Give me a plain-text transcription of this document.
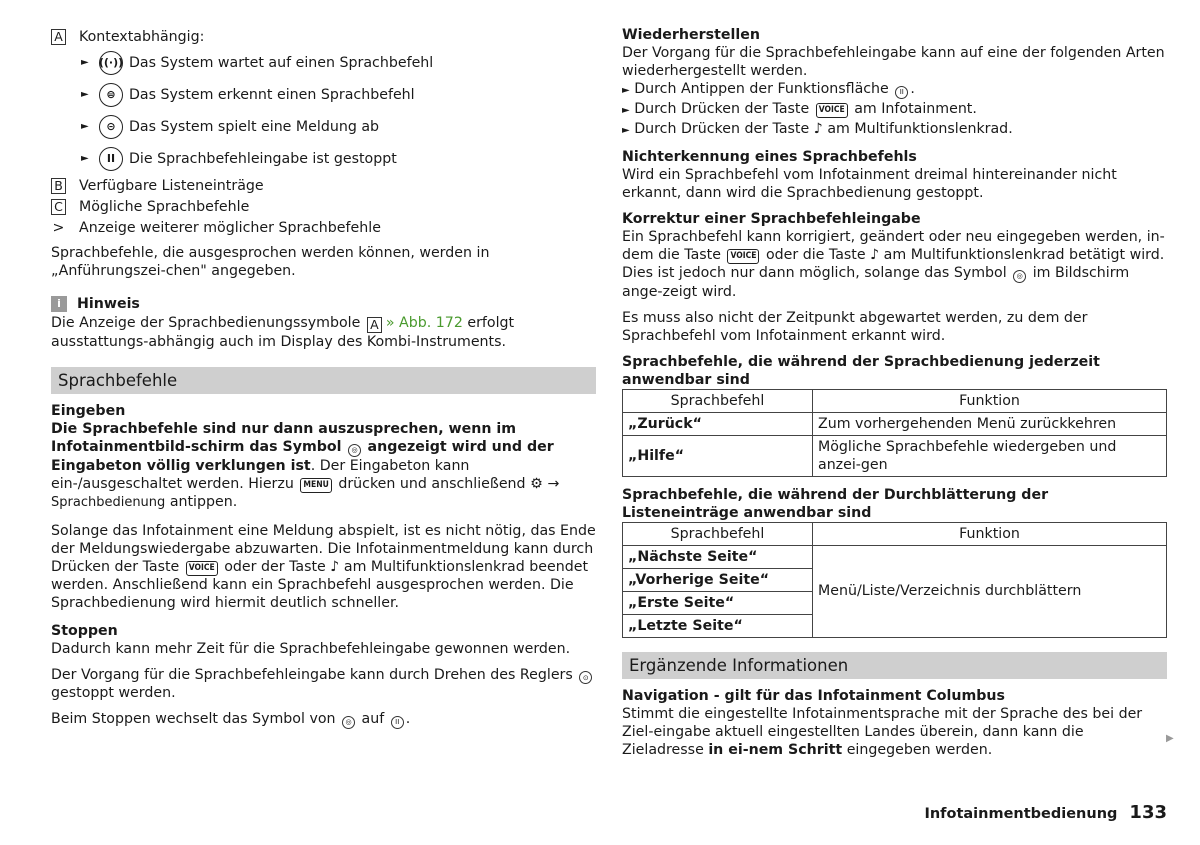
A Kontextabhängig:
► ((·)) Das System wartet auf einen Sprachbefehl
►	⊜ Das System erkennt einen Sprachbefehl
►	⊝ Das System spielt eine Meldung ab
►	II Die Sprachbefehleingabe ist gestoppt
B Verfügbare Listeneinträge
C Mögliche Sprachbefehle
> Anzeige weiterer möglicher Sprachbefehle

Sprachbefehle, die ausgesprochen werden können, werden in „Anführungszei-chen" angegeben.

i	Hinweis

Die Anzeige der Sprachbedienungssymbole A » Abb. 172 erfolgt ausstattungs-abhängig auch im Display des Kombi-Instruments.

Sprachbefehle

Eingeben

Die Sprachbefehle sind nur dann auszusprechen, wenn im Infotainmentbild-schirm das Symbol ◎ angezeigt wird und der Eingabeton völlig verklungen ist. Der Eingabeton kann ein-/ausgeschaltet werden. Hierzu MENU drücken und anschließend ⚙ → Sprachbedienung antippen.

Solange das Infotainment eine Meldung abspielt, ist es nicht nötig, das Ende der Meldungswiedergabe abzuwarten. Die Infotainmentmeldung kann durch Drücken der Taste VOICE oder der Taste ♪ am Multifunktionslenkrad beendet werden. Anschließend kann ein Sprachbefehl ausgesprochen werden. Die Sprachbedienung wird hiermit deutlich schneller.

Stoppen

Dadurch kann mehr Zeit für die Sprachbefehleingabe gewonnen werden.

Der Vorgang für die Sprachbefehleingabe kann durch Drehen des Reglers ⊙ gestoppt werden.

Beim Stoppen wechselt das Symbol von ◎ auf II .

Wiederherstellen

Der Vorgang für die Sprachbefehleingabe kann auf eine der folgenden Arten wiederhergestellt werden.

► Durch Antippen der Funktionsfläche II .

► Durch Drücken der Taste VOICE am Infotainment.

► Durch Drücken der Taste ♪ am Multifunktionslenkrad.

Nichterkennung eines Sprachbefehls

Wird ein Sprachbefehl vom Infotainment dreimal hintereinander nicht erkannt, dann wird die Sprachbedienung gestoppt.

Korrektur einer Sprachbefehleingabe

Ein Sprachbefehl kann korrigiert, geändert oder neu eingegeben werden, in-dem die Taste VOICE oder die Taste ♪ am Multifunktionslenkrad betätigt wird. Dies ist jedoch nur dann möglich, solange das Symbol ◎ im Bildschirm ange-zeigt wird.

Es muss also nicht der Zeitpunkt abgewartet werden, zu dem der Sprachbefehl vom Infotainment erkannt wird.

Sprachbefehle, die während der Sprachbedienung jederzeit anwendbar sind

Sprachbefehl	Funktion
„Zurück“	Zum vorhergehenden Menü zurückkehren
„Hilfe“	Mögliche Sprachbefehle wiedergeben und anzei-gen

Sprachbefehle, die während der Durchblätterung der Listeneinträge anwendbar sind

Sprachbefehl	Funktion
„Nächste Seite“	Menü/Liste/Verzeichnis durchblättern
„Vorherige Seite“	
„Erste Seite“	
„Letzte Seite“	
Ergänzende Informationen

Navigation - gilt für das Infotainment Columbus

Stimmt die eingestellte Infotainmentsprache mit der Sprache des bei der Ziel-eingabe aktuell eingestellten Landes überein, dann kann die Zieladresse in ei-nem Schritt eingegeben werden.

▶
Infotainmentbedienung 133
